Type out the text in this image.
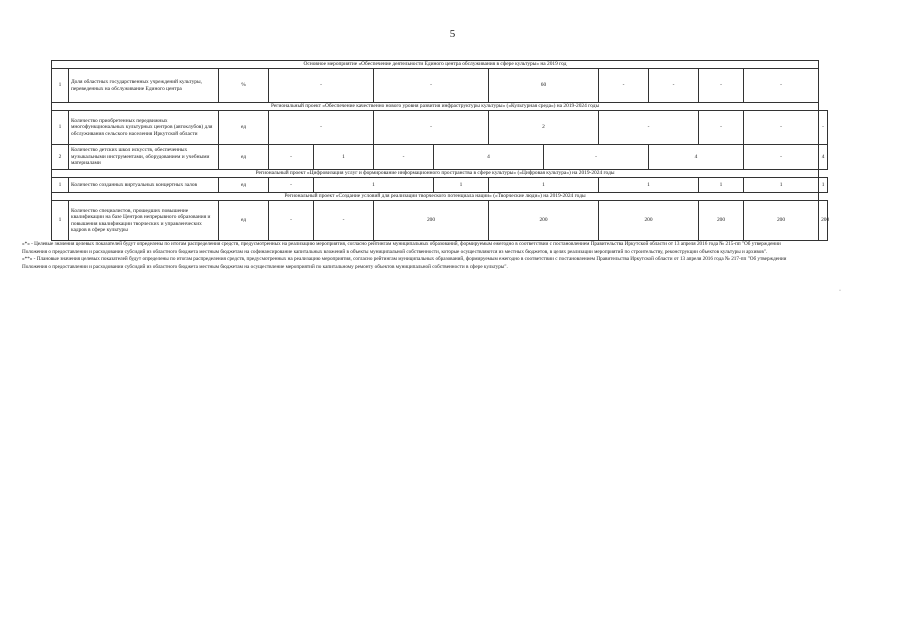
5
Основное мероприятие «Обеспечение деятельности Единого центра обслуживания в сфере культуры» на 2019 год													
1	Доля областных государственных учреждений культуры, переведенных на обслуживание Единого центра	%	-		-		60		-	-	-	-	
Региональный проект «Обеспечение качественно нового уровня развития инфраструктуры культуры» («Культурная среда») на 2019-2024 годы													
1	Количество приобретенных передвижных многофункциональных культурных центров (автоклубов) для обслуживания сельского населения Иркутской области	ед	-		-		2		-		-	-	-
2	Количество детских школ искусств, обеспеченных музыкальными инструментами, оборудованием и учебными материалами	ед	-	1	-	4		-		4		-	4
Региональный проект «Цифровизация услуг и формирование информационного пространства в сфере культуры» («Цифровая культура») на 2019-2024 годы													
1	Количество созданных виртуальных концертных залов	ед	-	1		1	1		1		1	1	1
Региональный проект «Создание условий для реализации творческого потенциала нации» («Творческие люди») на 2019-2024 годы													
1	Количество специалистов, прошедших повышение квалификации на базе Центров непрерывного образования и повышения квалификации творческих и управленческих кадров в сфере культуры	ед	-	-	200		200		200		200	200	200

«*» - Целевые значения целевых показателей будут определены по итогам распределения средств, предусмотренных на реализацию мероприятия, согласно рейтингам муниципальных образований, формируемым ежегодно в соответствии с постановлением Правительства Иркутской области от 13 апреля 2016 года № 215-пп "Об утверждении Положения о предоставлении и расходовании субсидий из областного бюджета местным бюджетам на софинансирование капитальных вложений в объекты муниципальной собственности, которые осуществляются из местных бюджетов, в целях реализации мероприятий по строительству, реконструкции объектов культуры и архивов".

«**» - Плановые значения целевых показателей будут определены по итогам распределения средств, предусмотренных на реализацию мероприятия, согласно рейтингам муниципальных образований, формируемым ежегодно в соответствии с постановлением Правительства Иркутской области от 13 апреля 2016 года № 217-пп "Об утверждении Положения о предоставлении и расходовании субсидий из областного бюджета местным бюджетам на осуществление мероприятий по капитальному ремонту объектов муниципальной собственности в сфере культуры".

·
